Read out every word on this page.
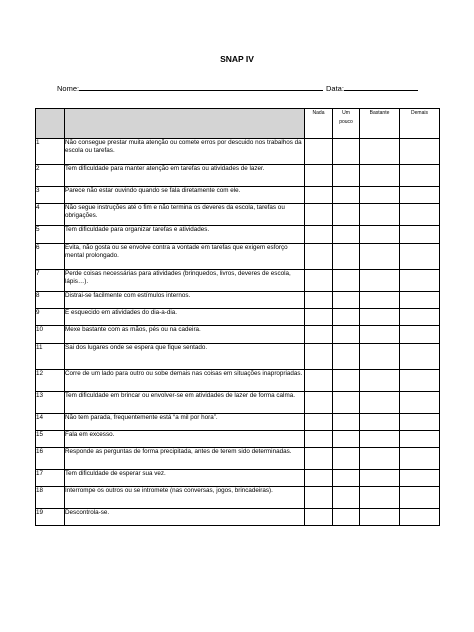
SNAP IV
Nome:	Data:
		Nada	Um pouco	Bastante	Demais
1	Não consegue prestar muita atenção ou comete erros por descuido nos trabalhos da escola ou tarefas.				
2	Tem dificuldade para manter atenção em tarefas ou atividades de lazer.				
3	Parece não estar ouvindo quando se fala diretamente com ele.				
4	Não segue instruções até o fim e não termina os deveres da escola, tarefas ou obrigações.				
5	Tem dificuldade para organizar tarefas e atividades.				
6	Evita, não gosta ou se envolve contra a vontade em tarefas que exigem esforço mental prolongado.				
7	Perde coisas necessárias para atividades (brinquedos, livros, deveres de escola, lápis…).				
8	Distrai-se facilmente com estímulos internos.				
9	É esquecido em atividades do dia-a-dia.				
10	Mexe bastante com as mãos, pés ou na cadeira.				
11	Sai dos lugares onde se espera que fique sentado.				
12	Corre de um lado para outro ou sobe demais nas coisas em situações inapropriadas.				
13	Tem dificuldade em brincar ou envolver-se em atividades de lazer de forma calma.				
14	Não tem parada, frequentemente está “a mil por hora”.				
15	Fala em excesso.				
16	Responde as perguntas de forma precipitada, antes de terem sido determinadas.				
17	Tem dificuldade de esperar sua vez.				
18	Interrompe os outros ou se intromete (nas conversas, jogos, brincadeiras).				
19	Descontrola-se.				
